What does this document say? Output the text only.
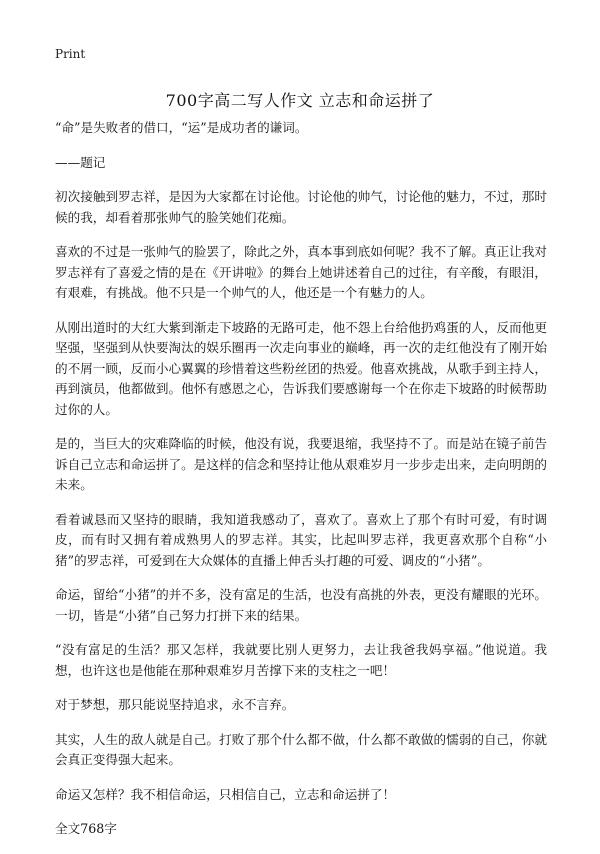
Print
700字高二写人作文 立志和命运拼了

“命”是失败者的借口，“运”是成功者的谦词。

——题记

初次接触到罗志祥，是因为大家都在讨论他。讨论他的帅气，讨论他的魅力，不过，那时候的我，却看着那张帅气的脸笑她们花痴。

喜欢的不过是一张帅气的脸罢了，除此之外，真本事到底如何呢？我不了解。真正让我对罗志祥有了喜爱之情的是在《开讲啦》的舞台上她讲述着自己的过往，有辛酸，有眼泪，有艰难，有挑战。他不只是一个帅气的人，他还是一个有魅力的人。

从刚出道时的大红大紫到渐走下坡路的无路可走，他不怨上台给他扔鸡蛋的人，反而他更坚强，坚强到从快要淘汰的娱乐圈再一次走向事业的巅峰，再一次的走红他没有了刚开始的不屑一顾，反而小心翼翼的珍惜着这些粉丝团的热爱。他喜欢挑战，从歌手到主持人，再到演员，他都做到。他怀有感恩之心，告诉我们要感谢每一个在你走下坡路的时候帮助过你的人。

是的，当巨大的灾难降临的时候，他没有说，我要退缩，我坚持不了。而是站在镜子前告诉自己立志和命运拼了。是这样的信念和坚持让他从艰难岁月一步步走出来，走向明朗的未来。

看着诚恳而又坚持的眼睛，我知道我感动了，喜欢了。喜欢上了那个有时可爱，有时调皮，而有时又拥有着成熟男人的罗志祥。其实，比起叫罗志祥，我更喜欢那个自称“小猪”的罗志祥，可爱到在大众媒体的直播上伸舌头打趣的可爱、调皮的“小猪”。

命运，留给“小猪”的并不多，没有富足的生活，也没有高挑的外表，更没有耀眼的光环。一切，皆是“小猪”自己努力打拼下来的结果。

“没有富足的生活？那又怎样，我就要比别人更努力，去让我爸我妈享福。”他说道。我想，也许这也是他能在那种艰难岁月苦撑下来的支柱之一吧！

对于梦想，那只能说坚持追求，永不言弃。

其实，人生的敌人就是自己。打败了那个什么都不做，什么都不敢做的懦弱的自己，你就会真正变得强大起来。

命运又怎样？我不相信命运，只相信自己，立志和命运拼了！

全文768字
